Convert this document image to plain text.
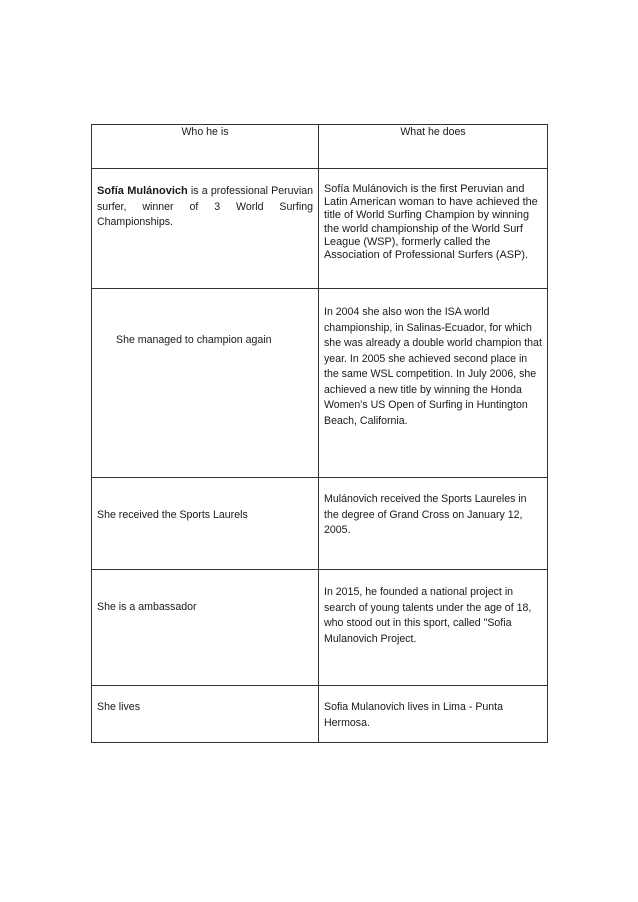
Who he is	What he does
Sofía Mulánovich is a professional Peruvian surfer, winner of 3 World Surfing Championships.	Sofía Mulánovich is the first Peruvian and Latin American woman to have achieved the title of World Surfing Champion by winning the world championship of the World Surf League (WSP), formerly called the Association of Professional Surfers (ASP).
She managed to champion again	In 2004 she also won the ISA world championship, in Salinas-Ecuador, for which she was already a double world champion that year. In 2005 she achieved second place in the same WSL competition. In July 2006, she achieved a new title by winning the Honda Women's US Open of Surfing in Huntington Beach, California.
She received the Sports Laurels	Mulánovich received the Sports Laureles in the degree of Grand Cross on January 12, 2005.
She is a ambassador	In 2015, he founded a national project in search of young talents under the age of 18, who stood out in this sport, called "Sofia Mulanovich Project.
She lives	Sofia Mulanovich lives in Lima - Punta Hermosa.
